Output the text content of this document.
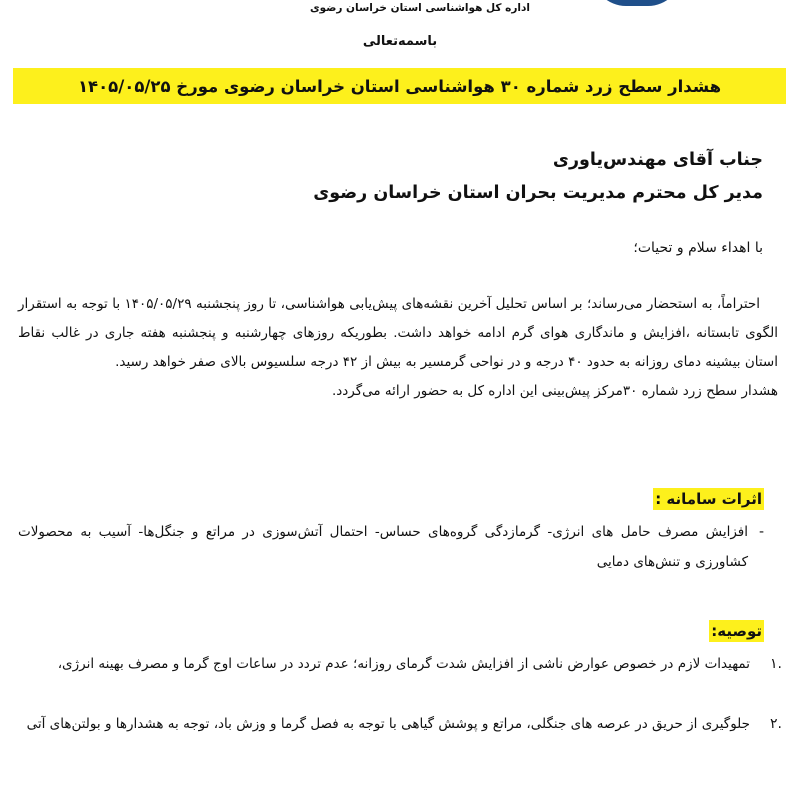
اداره کل هواشناسی استان خراسان رضوی
باسمه‌تعالی
هشدار سطح زرد شماره ۳۰ هواشناسی استان خراسان رضوی مورخ ۱۴۰۵/۰۵/۲۵
جناب آقای مهندس‌یاوری
مدیر کل محترم مدیریت بحران استان خراسان رضوی
با اهداء سلام و تحیات؛

احتراماً، به استحضار می‌رساند؛ بر اساس تحلیل آخرین نقشه‌های پیش‌یابی هواشناسی، تا روز پنجشنبه ۱۴۰۵/۰۵/۲۹ با توجه به استقرار الگوی تابستانه ،افزایش و ماندگاری هوای گرم ادامه خواهد داشت. بطوریکه روزهای چهارشنبه و پنجشنبه هفته جاری در غالب نقاط استان بیشینه دمای روزانه به حدود ۴۰ درجه و در نواحی گرمسیر به بیش از ۴۲ درجه سلسیوس بالای صفر خواهد رسید.

هشدار سطح زرد شماره ۳۰مرکز پیش‌بینی این اداره کل به حضور ارائه می‌گردد.

اثرات سامانه :
-
افزایش مصرف حامل های انرژی- گرمازدگی گروه‌های حساس- احتمال آتش‌سوزی در مراتع و جنگل‌ها- آسیب به محصولات کشاورزی و تنش‌های دمایی
توصیه:
۱.
تمهیدات لازم در خصوص عوارض ناشی از افزایش شدت گرمای روزانه؛ عدم تردد در ساعات اوج گرما و مصرف بهینه انرژی،
۲.
جلوگیری از حریق در عرصه های جنگلی، مراتع و پوشش گیاهی با توجه به فصل گرما و وزش باد، توجه به هشدارها و بولتن‌های آتی
